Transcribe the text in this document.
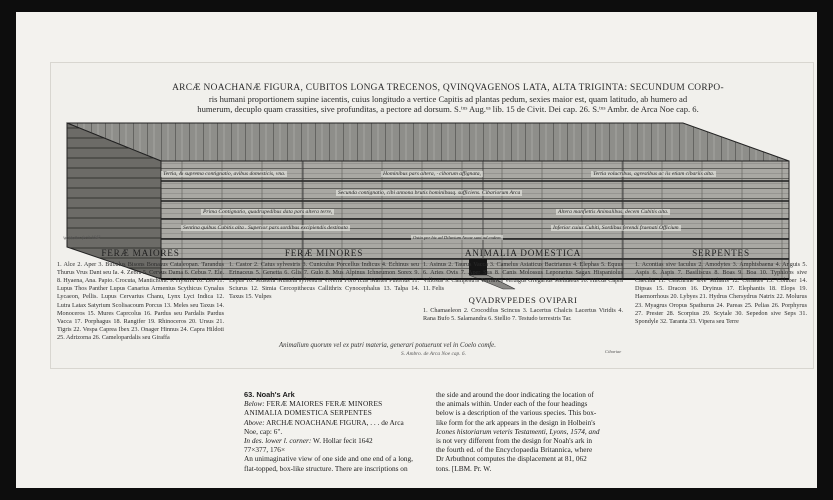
ARCÆ NOACHANÆ FIGURA, CUBITOS LONGA TRECENOS, QVINQVAGENOS LATA, ALTA TRIGINTA: SECUNDUM CORPO-
ris humani proportionem supine iacentis, cuius longitudo a vertice Capitis ad plantas pedum, sexies maior est, quam latitudo, ab humero ad
humerum, decuplo quam crassities, sive profunditas, a pectore ad dorsum. S.ᵗᵘˢ Aug.ᵘˢ lib. 15 de Civit. Dei cap. 26. S.ᵗᵘˢ Ambr. de Arca Noe cap. 6.
Tertia, & suprema contignatio, avibus domesticis, vna.	Hominibus pars altera, · ciborum affignata,	Tertia volucribus, agrestibus ac iis etiam cibariis alta.
Secunda contignatio, cibi annona brutis hominibusq. sufficiens. Cibariorum Arca
Prima Contignatio, quadrupedibus data pars altera terre,	Altera manfiettis Animalibus, decem Cubitis alta.
Sentina quibus Cubitis alta . Superior pars sordibus excipiendis destinata	Inferior cuius Cubiti, Sordibus ferendi fraenati Officium
Ostia per hic ad Diluvium Arcae sunt ad eodem
W. Hollar fecit 1642
FERÆ MAIORES
1. Alce 2. Aper 3. Bubalus Bisons Bonasus Cataleopan. Tarandus Thurus Vrus Dant seu Ia. 4. Zebra 5. Cervus Dama 6. Cebus 7. Ele. 8. Hyaena, Ana. Papio. Crocuta, Mantichora. 9. Hystrix 10. Leo 11. Lupus Thos Panther Lupus Canarius Armenius Scythicus Cynalus Lycaeon, Pellis. Lupus Cervarius Chanu, Lynx Lyci Indica 12. Lutra Latax Satyrium Scolisacoum Porcus 13. Meles seu Taxus 14. Monoceros 15. Mures Caprcolus 16. Pardus seu Pardalis Pardus Vacca 17. Porphagus 18. Rangifer 19. Rhinoceros 20. Ursus 21. Tigris 22. Vespa Caprea Ibex 23. Onager Hinnus 24. Capra Hildoti 25. Adrizorna 26. Camelopardalis seu Giraffa
FERÆ MINORES
1. Castor 2. Catus sylvestris 3. Cuniculus Porcellus Indicus 4. Echinus seu Erinaceus 5. Genetta 6. Glis 7. Gulo 8. Mus Alpinus Ichneumon Sorex 9. Lepus 10. Mustela Mustela sylvestris Viverra Foro Ictis Martes Putorius 11. Sciurus 12. Simia Cercopithecus Callithrix Cynocephalus 13. Talpa 14. Taxus 15. Vulpes
ANIMALIA DOMESTICA
1. Asinus 2. Taurus Vacca 3. Camelus Asiaticus Bactrianus 4. Elephas 5. Equus 6. Aries Ovis 7. Aper Sus 8. Canis Molossus Leporarius Sagax Hispaniolus Villosus 9. Campestris Terrarius Vertagus Gregarius Melitaeus 10. Hircus Capra 11. Felis
QVADRVPEDES OVIPARI
1. Chamaeleon 2. Crocodilus Scincus 3. Lacertus Chalcis Lacertus Viridis 4. Rana Bufo 5. Salamandra 6. Stellio 7. Testudo terrestris Tar.
SERPENTES
1. Acontias sive Iaculus 2. Amodytes 3. Amphisbaena 4. Anguis 5. Aspis 6. Aspis 7. Basiliscus 8. Boas 9. Boa 10. Typhlops sive Caecilia 11. Cenchrine sive Miliaris 12. Cerastes 13. Coluber 14. Dipsas 15. Dracon 16. Dryinus 17. Elephantis 18. Elops 19. Haemorrhous 20. Lybyes 21. Hydrus Chersydrus Natrix 22. Molurus 23. Myagrus Oropus Spathurus 24. Pareas 25. Pelias 26. Porphyrus 27. Prester 28. Scorpius 29. Scytale 30. Sepedon sive Seps 31. Spondyle 32. Taranta 33. Vipera seu Terre
Animalium quorum vel ex putri materia, generari potuerunt vel in Coelo comfe.
S. Ambro. de Arca Noe cap. 6.	Cibariae
63. Noah's Ark
Below: FERÆ MAIORES FERÆ MINORES
ANIMALIA DOMESTICA SERPENTES
Above: ARCHÆ NOACHANÆ FIGURA, . . . de Arca
Noe, cap: 6".
In des. lower l. corner: W. Hollar fecit 1642
77×377, 176×
An unimaginative view of one side and one end of a long,
flat-topped, box-like structure. There are inscriptions on
the side and around the door indicating the location of
the animals within. Under each of the four headings
below is a description of the various species. This box-
like form for the ark appears in the design in Holbein's
Icones historiarum veteris Testamenti, Lyons, 1574, and
is not very different from the design for Noah's ark in
the fourth ed. of the Encyclopaedia Britannica, where
Dr Arbuthnot computes the displacement at 81, 062
tons. [LBM. Pr. W.
